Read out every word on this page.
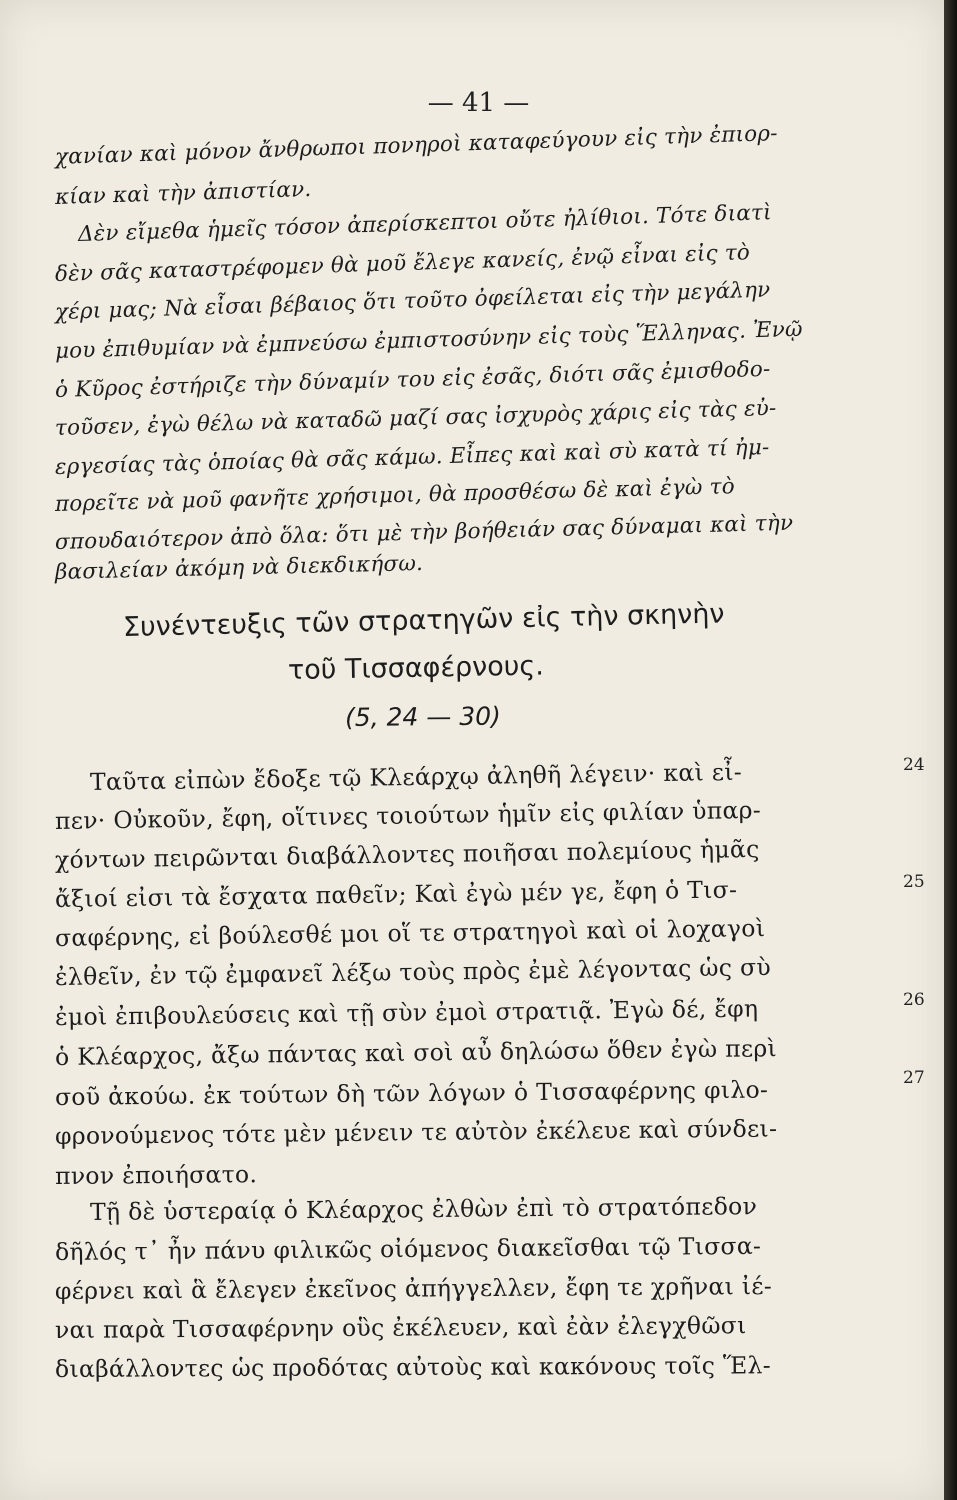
— 41 —
χανίαν καὶ μόνον ἄνθρωποι πονηροὶ καταφεύγουν εἰς τὴν ἐπιορ-
κίαν καὶ τὴν ἀπιστίαν.
Δὲν εἴμεθα ἡμεῖς τόσον ἀπερίσκεπτοι οὔτε ἠλίθιοι. Τότε διατὶ
δὲν σᾶς καταστρέφομεν θὰ μοῦ ἔλεγε κανείς, ἐνῷ εἶναι εἰς τὸ
χέρι μας; Νὰ εἶσαι βέβαιος ὅτι τοῦτο ὀφείλεται εἰς τὴν μεγάλην
μου ἐπιθυμίαν νὰ ἐμπνεύσω ἐμπιστοσύνην εἰς τοὺς Ἕλληνας. Ἐνῷ
ὁ Κῦρος ἐστήριζε τὴν δύναμίν του εἰς ἐσᾶς, διότι σᾶς ἐμισθοδο-
τοῦσεν, ἐγὼ θέλω νὰ καταδῶ μαζί σας ἰσχυρὸς χάρις εἰς τὰς εὐ-
εργεσίας τὰς ὁποίας θὰ σᾶς κάμω. Εἶπες καὶ καὶ σὺ κατὰ τί ἠμ-
πορεῖτε νὰ μοῦ φανῆτε χρήσιμοι, θὰ προσθέσω δὲ καὶ ἐγὼ τὸ
σπουδαιότερον ἀπὸ ὅλα: ὅτι μὲ τὴν βοήθειάν σας δύναμαι καὶ τὴν
βασιλείαν ἀκόμη νὰ διεκδικήσω.
Συνέντευξις τῶν στρατηγῶν εἰς τὴν σκηνὴν
τοῦ Τισσαφέρνους.
(5, 24 — 30)
Ταῦτα εἰπὼν ἔδοξε τῷ Κλεάρχῳ ἀληθῆ λέγειν· καὶ εἶ-
πεν· Οὐκοῦν, ἔφη, οἵτινες τοιούτων ἡμῖν εἰς φιλίαν ὑπαρ-
χόντων πειρῶνται διαβάλλοντες ποιῆσαι πολεμίους ἡμᾶς
ἄξιοί εἰσι τὰ ἔσχατα παθεῖν; Καὶ ἐγὼ μέν γε, ἔφη ὁ Τισ-
σαφέρνης, εἰ βούλεσθέ μοι οἵ τε στρατηγοὶ καὶ οἱ λοχαγοὶ
ἐλθεῖν, ἐν τῷ ἐμφανεῖ λέξω τοὺς πρὸς ἐμὲ λέγοντας ὡς σὺ
ἐμοὶ ἐπιβουλεύσεις καὶ τῇ σὺν ἐμοὶ στρατιᾷ. Ἐγὼ δέ, ἔφη
ὁ Κλέαρχος, ἄξω πάντας καὶ σοὶ αὖ δηλώσω ὅθεν ἐγὼ περὶ
σοῦ ἀκούω. ἐκ τούτων δὴ τῶν λόγων ὁ Τισσαφέρνης φιλο-
φρονούμενος τότε μὲν μένειν τε αὐτὸν ἐκέλευε καὶ σύνδει-
πνον ἐποιήσατο.
Τῇ δὲ ὑστεραίᾳ ὁ Κλέαρχος ἐλθὼν ἐπὶ τὸ στρατόπεδον
δῆλός τ᾽ ἦν πάνυ φιλικῶς οἰόμενος διακεῖσθαι τῷ Τισσα-
φέρνει καὶ ἃ ἔλεγεν ἐκεῖνος ἀπήγγελλεν, ἔφη τε χρῆναι ἰέ-
ναι παρὰ Τισσαφέρνην οὓς ἐκέλευεν, καὶ ἐὰν ἐλεγχθῶσι
διαβάλλοντες ὡς προδότας αὐτοὺς καὶ κακόνους τοῖς Ἕλ-
24
25
26
27
